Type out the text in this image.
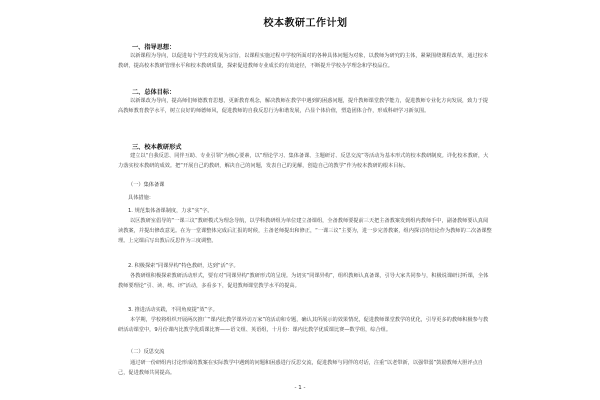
校本教研工作计划
一、指导思想：
以新课程为导向，以促进每个学生的发展为宗旨，以课程实施过程中学校所面对的各种具体问题为对象，以教师为研究的主体，紧紧围绕课程改革，通过校本教研，提高校本教研管理水平和校本教研质量，探索促进教师专业成长的有效途径，不断提升学校办学理念和学校品位。
二、总体目标：
以新课改为导向，提高师们师德教育思想，更新教育观念，解决教师在教学中遇到的困惑问题，提升教师课堂教学能力，促进教师专业化方向发展，致力于提高教师教育教学水平，树立良好的师德师风，促进教师的自我反思行为和谐发展，凸显个体价值，塑造团体合作，形成科研学习新氛围。
三、校本教研形式
建立以“自我反思、同伴互助、专业引领”为核心要素，以“理论学习、集体备课、主题研讨、反思交流”等活动为基本形式的校本教研制度。详化校本教研，大力落实校本教研的成效。把“开展自己的教研，解决自己的问题，发表自己的见解，创造自己的教学”作为校本教研的根本目标。
（一）集体备课
具体措施：
1. 规范集体备课制度，力求“实”字。
以区教研室倡导的“一课三议”教研模式为理念导航，以学科教研组为单位建立备课组，全备教师要提前三天把主备教案发到组内教师手中，副备教师要认真阅读教案，并提出修改意见。在为一堂课整体完成后汇报的时候，主备老师提出和修正，“一课三议”主要为，进一步完善教案，组内探讨的结论作为教师的二次备课整理。上完课后写出教后反思作为三度调整。
2. 积极探索“同课异构”特色教研，达到“活”字。
各教研组积极探索教研活动形式，要有对“同课异构”教研形式的呈现。为切实“同课异构”，组织教师认真备课，引导大家共同参与，积极说课研讨听课，全体教师要理论“引、读、练、评”活动，多看多下，促进教师课堂教学水平的提高。
3. 推进活动实践，不同角度提“效”字。
本学期，学校将组织开展两次推广“课内比教学课外访万家”的活动和专题，确认其所展示的效果情况，促进教师课堂教学的优化，引导更多的教师积极参与教研活动课堂中，9月份课内比教学优质课比赛——语文组、英语组，十月份：课内比教学优质课比赛—数学组，综合组。
（二）反思交流
通过研一份研组内讨论形成的教案在实际教学中遇到的问题和困惑进行反思交流，促进教师与同伴的对话，注重“以老带新，以强带弱”鼓励教师大胆评点自己，促进教师共同提高。
- 1 -
